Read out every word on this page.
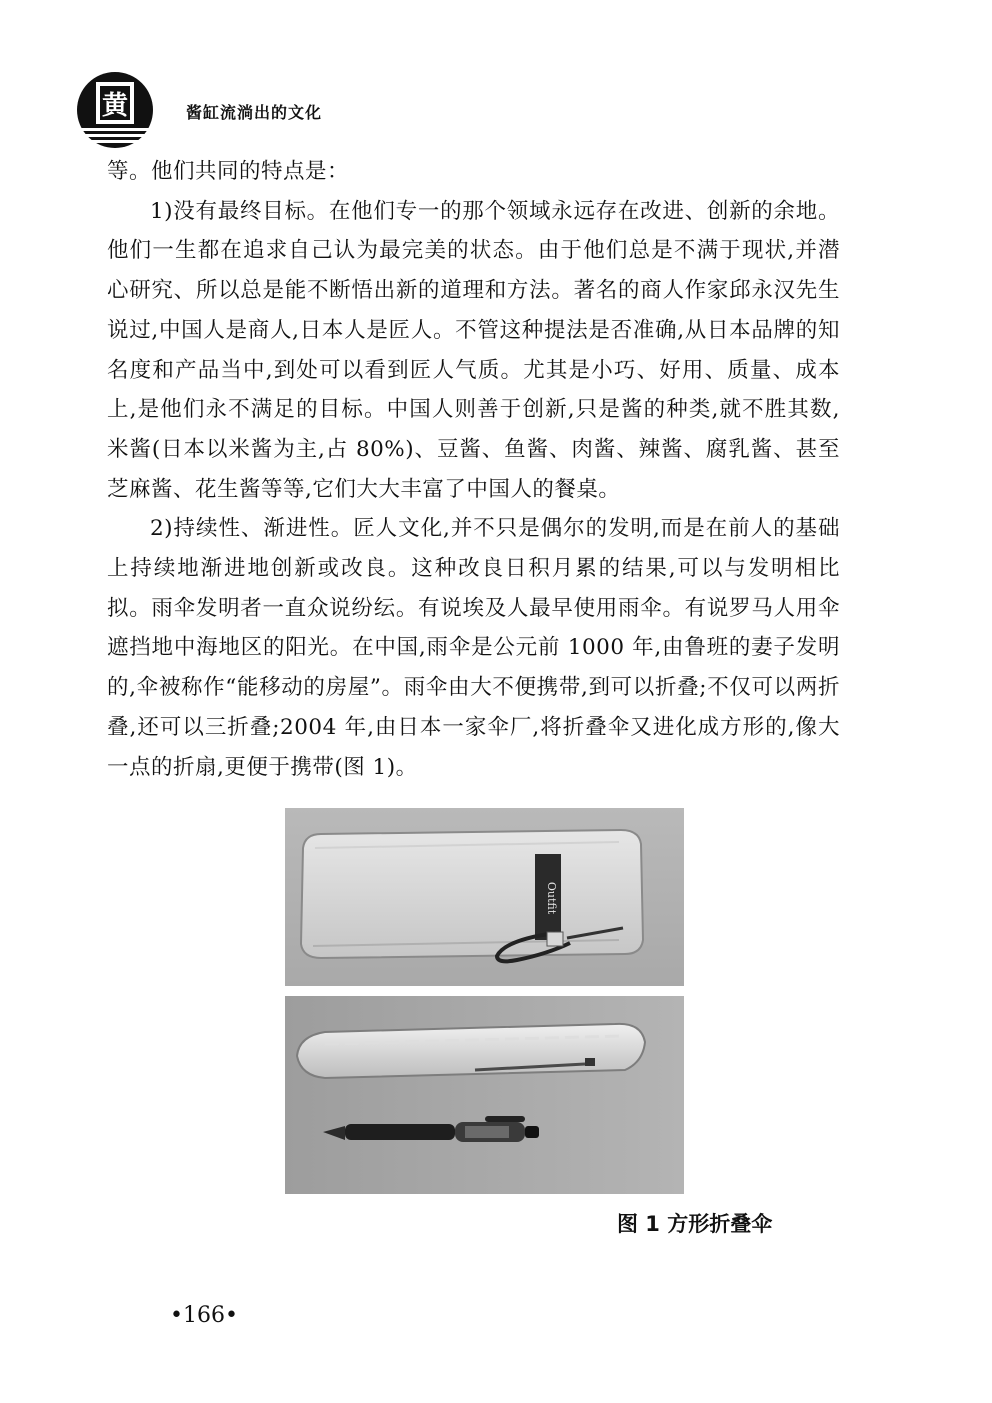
黄	酱缸流淌出的文化

等。他们共同的特点是：

1)没有最终目标。在他们专一的那个领域永远存在改进、创新的余地。他们一生都在追求自己认为最完美的状态。由于他们总是不满于现状,并潜心研究、所以总是能不断悟出新的道理和方法。著名的商人作家邱永汉先生说过,中国人是商人,日本人是匠人。不管这种提法是否准确,从日本品牌的知名度和产品当中,到处可以看到匠人气质。尤其是小巧、好用、质量、成本上,是他们永不满足的目标。中国人则善于创新,只是酱的种类,就不胜其数,米酱(日本以米酱为主,占 80%)、豆酱、鱼酱、肉酱、辣酱、腐乳酱、甚至芝麻酱、花生酱等等,它们大大丰富了中国人的餐桌。

2)持续性、渐进性。匠人文化,并不只是偶尔的发明,而是在前人的基础上持续地渐进地创新或改良。这种改良日积月累的结果,可以与发明相比拟。雨伞发明者一直众说纷纭。有说埃及人最早使用雨伞。有说罗马人用伞遮挡地中海地区的阳光。在中国,雨伞是公元前 1000 年,由鲁班的妻子发明的,伞被称作“能移动的房屋”。雨伞由大不便携带,到可以折叠;不仅可以两折叠,还可以三折叠;2004 年,由日本一家伞厂,将折叠伞又进化成方形的,像大一点的折扇,更便于携带(图 1)。

Outfit
图 1 方形折叠伞
•166•
